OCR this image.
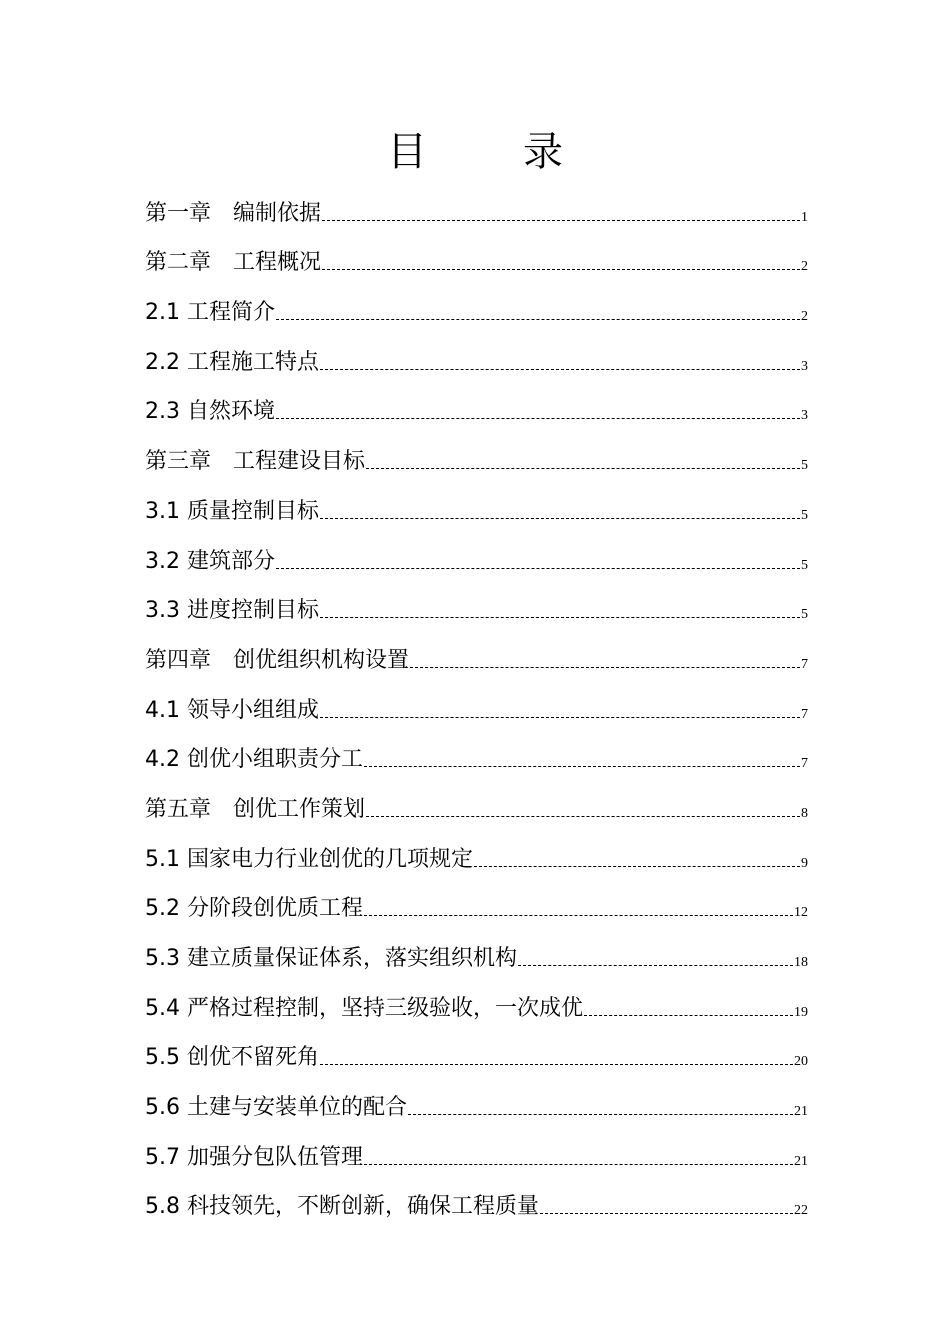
目　录
第一章　编制依据	1
第二章　工程概况	2
2.1 工程简介	2
2.2 工程施工特点	3
2.3 自然环境	3
第三章　工程建设目标	5
3.1 质量控制目标	5
3.2 建筑部分	5
3.3 进度控制目标	5
第四章　创优组织机构设置	7
4.1 领导小组组成	7
4.2 创优小组职责分工	7
第五章　创优工作策划	8
5.1 国家电力行业创优的几项规定	9
5.2 分阶段创优质工程	12
5.3 建立质量保证体系，落实组织机构	18
5.4 严格过程控制，坚持三级验收，一次成优	19
5.5 创优不留死角	20
5.6 土建与安装单位的配合	21
5.7 加强分包队伍管理	21
5.8 科技领先，不断创新，确保工程质量	22
